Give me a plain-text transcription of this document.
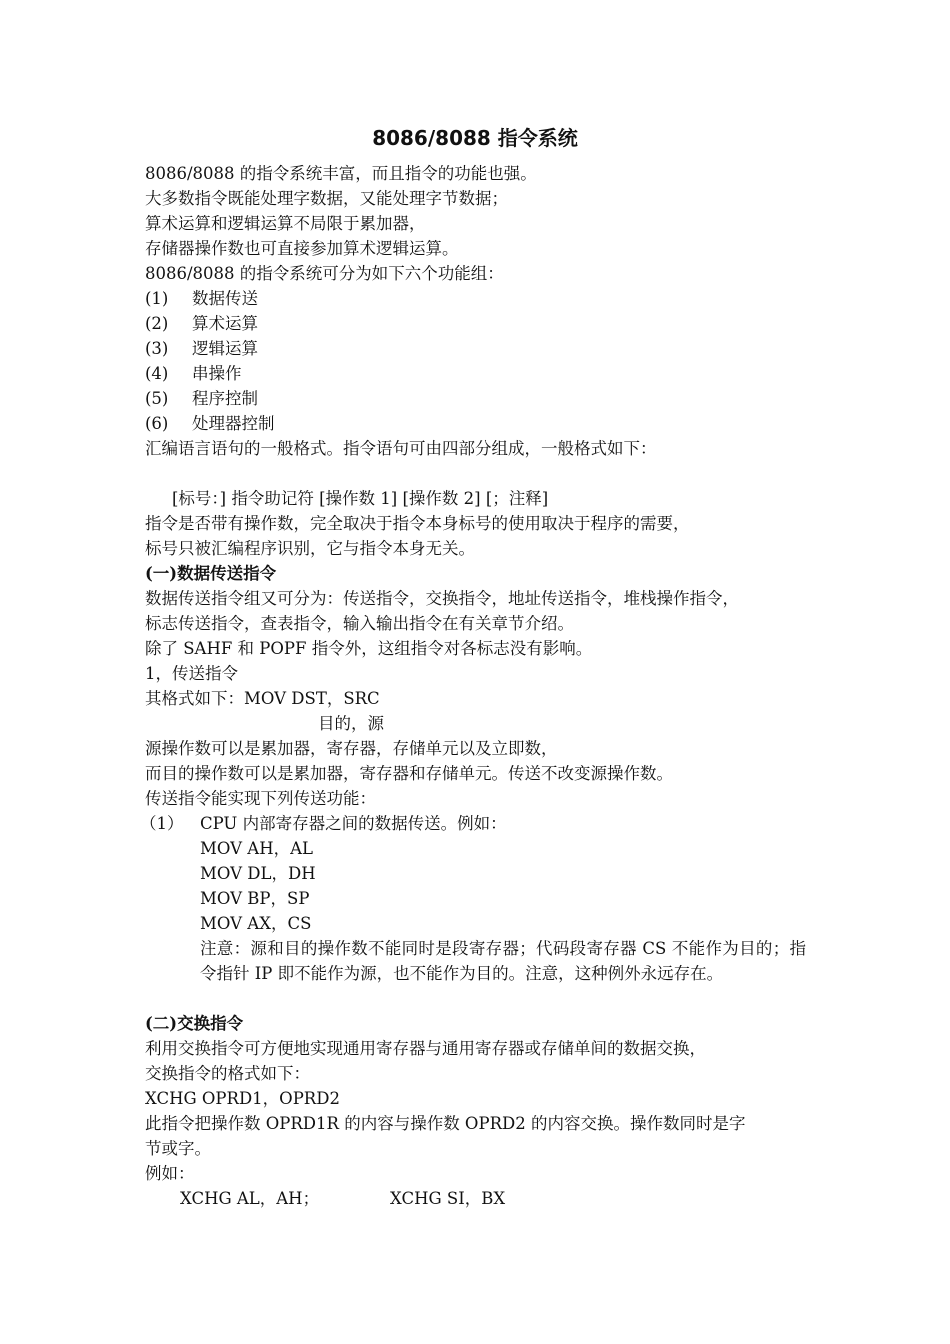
8086/8088 指令系统
8086/8088 的指令系统丰富，而且指令的功能也强。
大多数指令既能处理字数据，又能处理字节数据；
算术运算和逻辑运算不局限于累加器，
存储器操作数也可直接参加算术逻辑运算。
8086/8088 的指令系统可分为如下六个功能组：
(1) 数据传送
(2) 算术运算
(3) 逻辑运算
(4) 串操作
(5) 程序控制
(6) 处理器控制
汇编语言语句的一般格式。指令语句可由四部分组成，一般格式如下：
[标号：] 指令助记符 [操作数 1] [操作数 2] [；注释]
指令是否带有操作数，完全取决于指令本身标号的使用取决于程序的需要，
标号只被汇编程序识别，它与指令本身无关。
(一)数据传送指令
数据传送指令组又可分为：传送指令，交换指令，地址传送指令，堆栈操作指令，
标志传送指令，查表指令，输入输出指令在有关章节介绍。
除了 SAHF 和 POPF 指令外，这组指令对各标志没有影响。
1，传送指令
其格式如下：MOV DST，SRC
目的，源
源操作数可以是累加器，寄存器，存储单元以及立即数，
而目的操作数可以是累加器，寄存器和存储单元。传送不改变源操作数。
传送指令能实现下列传送功能：
（1） CPU 内部寄存器之间的数据传送。例如：
MOV AH，AL
MOV DL，DH
MOV BP，SP
MOV AX，CS
注意：源和目的操作数不能同时是段寄存器；代码段寄存器 CS 不能作为目的；指令指针 IP 即不能作为源，也不能作为目的。注意，这种例外永远存在。
(二)交换指令
利用交换指令可方便地实现通用寄存器与通用寄存器或存储单间的数据交换，
交换指令的格式如下：
XCHG OPRD1，OPRD2
此指令把操作数 OPRD1R 的内容与操作数 OPRD2 的内容交换。操作数同时是字
节或字。
例如：
XCHG AL，AH；	XCHG SI，BX
